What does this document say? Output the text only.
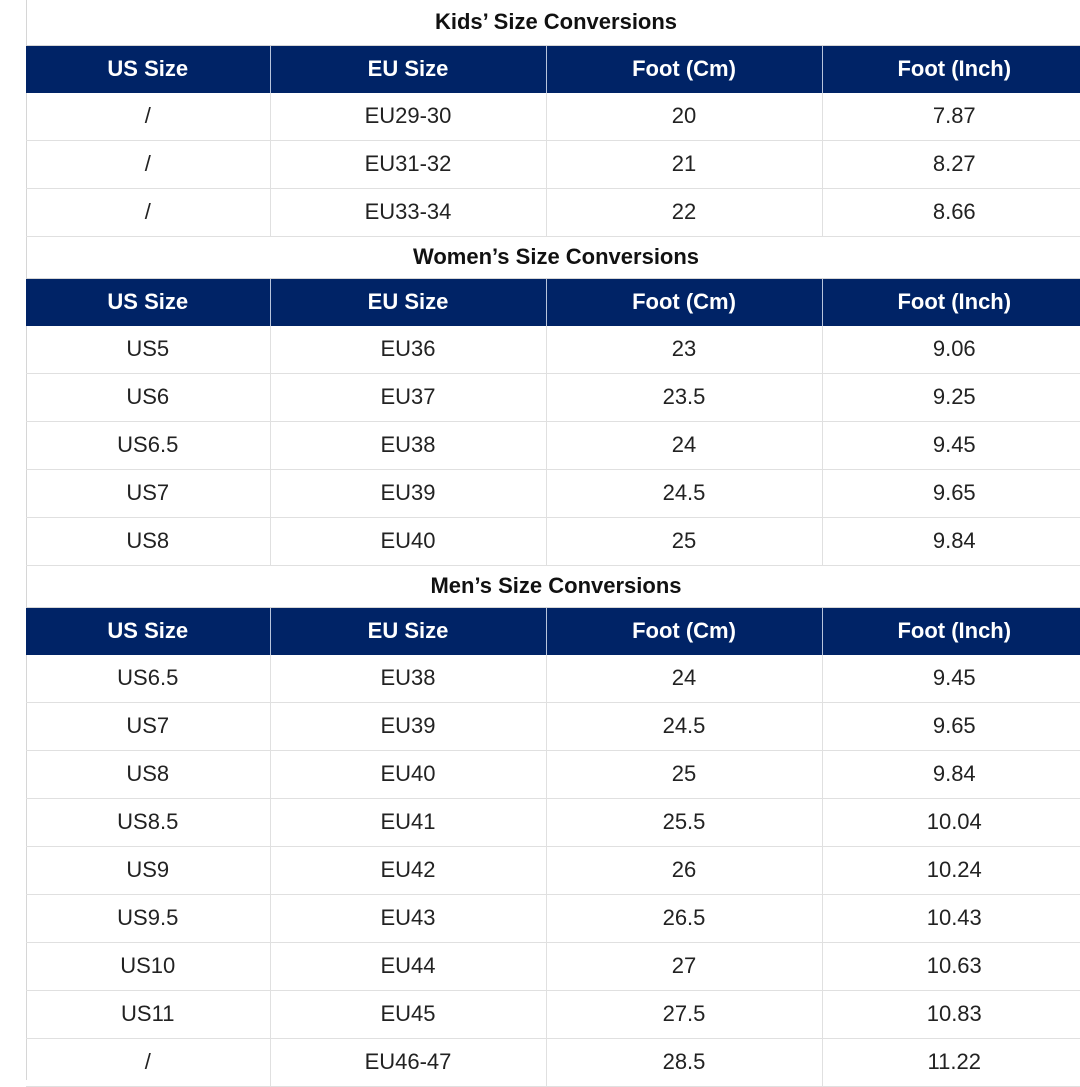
Kids’ Size Conversions			
US Size	EU Size	Foot (Cm)	Foot (Inch)
/	EU29-30	20	7.87
/	EU31-32	21	8.27
/	EU33-34	22	8.66
Women’s Size Conversions			
US Size	EU Size	Foot (Cm)	Foot (Inch)
US5	EU36	23	9.06
US6	EU37	23.5	9.25
US6.5	EU38	24	9.45
US7	EU39	24.5	9.65
US8	EU40	25	9.84
Men’s Size Conversions			
US Size	EU Size	Foot (Cm)	Foot (Inch)
US6.5	EU38	24	9.45
US7	EU39	24.5	9.65
US8	EU40	25	9.84
US8.5	EU41	25.5	10.04
US9	EU42	26	10.24
US9.5	EU43	26.5	10.43
US10	EU44	27	10.63
US11	EU45	27.5	10.83
/	EU46-47	28.5	11.22
